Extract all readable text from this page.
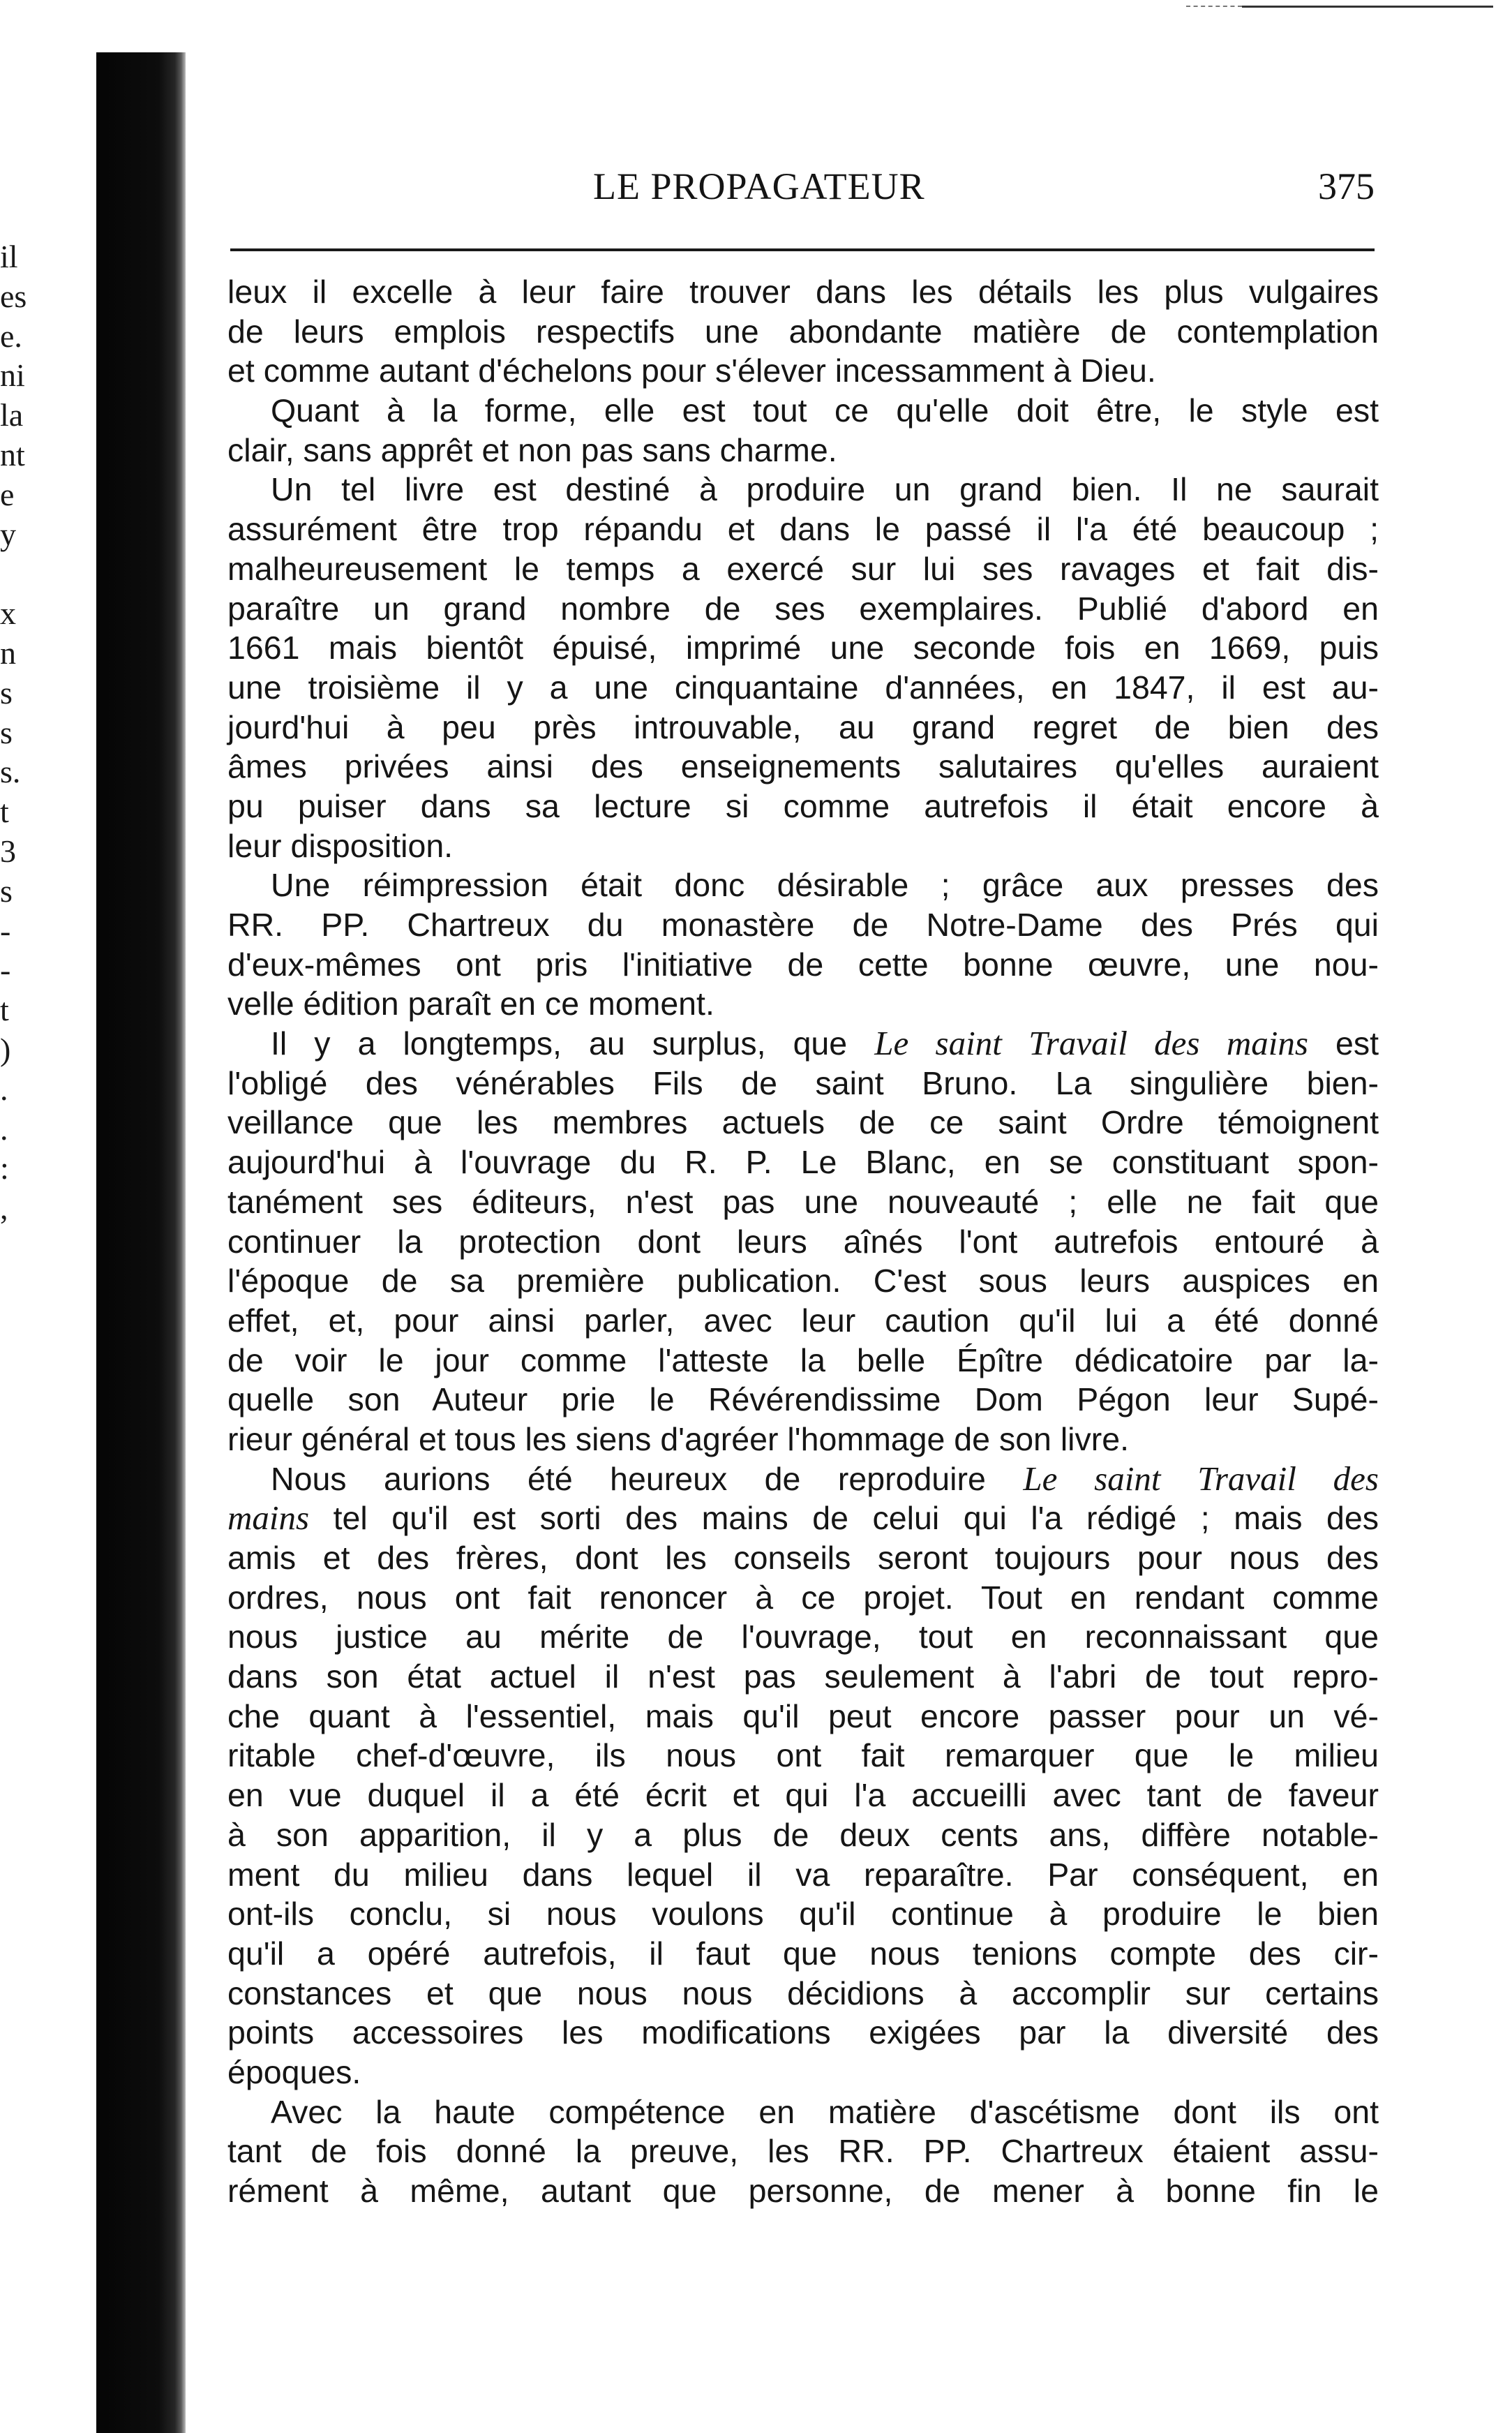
il
es
e.
ni
la
nt
e
y
x
n
s
s
s.
t
3
s
-
-
t
)
.
.
:
,
LE PROPAGATEUR	375
leux il excelle à leur faire trouver dans les détails les plus vulgaires
de leurs emplois respectifs une abondante matière de contemplation
et comme autant d'échelons pour s'élever incessamment à Dieu.
Quant à la forme, elle est tout ce qu'elle doit être, le style est
clair, sans apprêt et non pas sans charme.
Un tel livre est destiné à produire un grand bien. Il ne saurait
assurément être trop répandu et dans le passé il l'a été beaucoup ;
malheureusement le temps a exercé sur lui ses ravages et fait dis-
paraître un grand nombre de ses exemplaires. Publié d'abord en
1661 mais bientôt épuisé, imprimé une seconde fois en 1669, puis
une troisième il y a une cinquantaine d'années, en 1847, il est au-
jourd'hui à peu près introuvable, au grand regret de bien des
âmes privées ainsi des enseignements salutaires qu'elles auraient
pu puiser dans sa lecture si comme autrefois il était encore à
leur disposition.
Une réimpression était donc désirable ; grâce aux presses des
RR. PP. Chartreux du monastère de Notre-Dame des Prés qui
d'eux-mêmes ont pris l'initiative de cette bonne œuvre, une nou-
velle édition paraît en ce moment.
Il y a longtemps, au surplus, que Le saint Travail des mains est
l'obligé des vénérables Fils de saint Bruno. La singulière bien-
veillance que les membres actuels de ce saint Ordre témoignent
aujourd'hui à l'ouvrage du R. P. Le Blanc, en se constituant spon-
tanément ses éditeurs, n'est pas une nouveauté ; elle ne fait que
continuer la protection dont leurs aînés l'ont autrefois entouré à
l'époque de sa première publication. C'est sous leurs auspices en
effet, et, pour ainsi parler, avec leur caution qu'il lui a été donné
de voir le jour comme l'atteste la belle Épître dédicatoire par la-
quelle son Auteur prie le Révérendissime Dom Pégon leur Supé-
rieur général et tous les siens d'agréer l'hommage de son livre.
Nous aurions été heureux de reproduire Le saint Travail des
mains tel qu'il est sorti des mains de celui qui l'a rédigé ; mais des
amis et des frères, dont les conseils seront toujours pour nous des
ordres, nous ont fait renoncer à ce projet. Tout en rendant comme
nous justice au mérite de l'ouvrage, tout en reconnaissant que
dans son état actuel il n'est pas seulement à l'abri de tout repro-
che quant à l'essentiel, mais qu'il peut encore passer pour un vé-
ritable chef-d'œuvre, ils nous ont fait remarquer que le milieu
en vue duquel il a été écrit et qui l'a accueilli avec tant de faveur
à son apparition, il y a plus de deux cents ans, diffère notable-
ment du milieu dans lequel il va reparaître. Par conséquent, en
ont-ils conclu, si nous voulons qu'il continue à produire le bien
qu'il a opéré autrefois, il faut que nous tenions compte des cir-
constances et que nous nous décidions à accomplir sur certains
points accessoires les modifications exigées par la diversité des
époques.
Avec la haute compétence en matière d'ascétisme dont ils ont
tant de fois donné la preuve, les RR. PP. Chartreux étaient assu-
rément à même, autant que personne, de mener à bonne fin le
